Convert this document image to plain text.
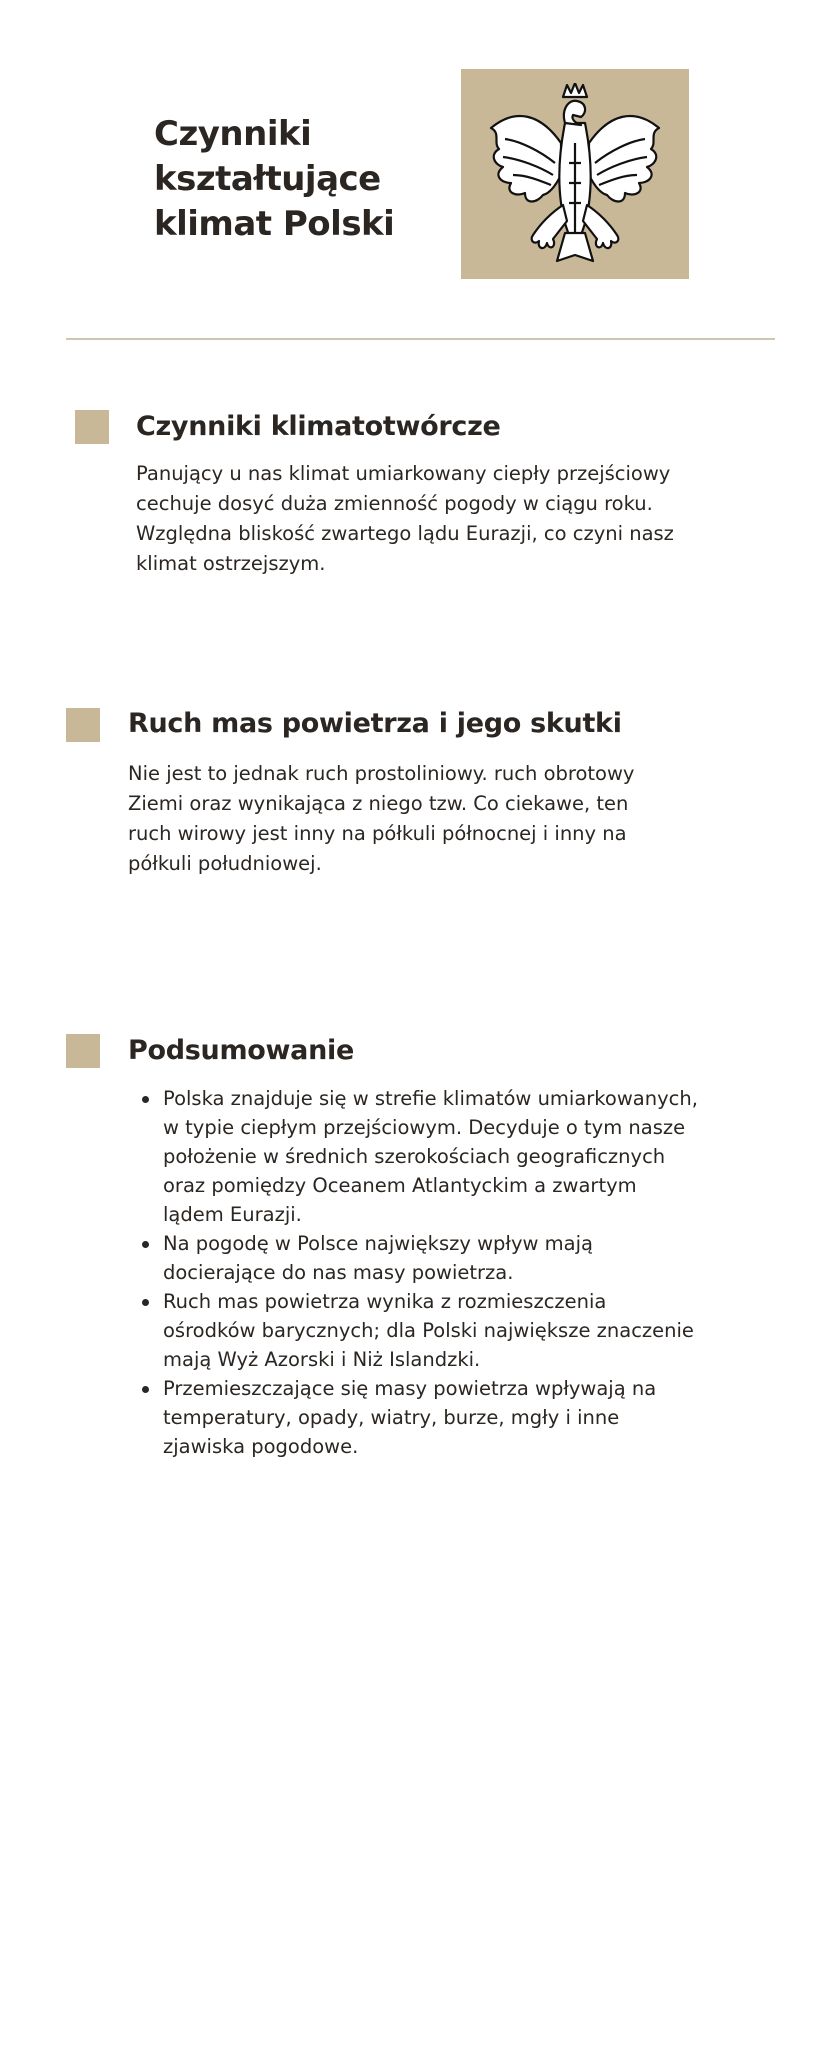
Czynniki
kształtujące
klimat Polski
Czynniki klimatotwórcze
Panujący u nas klimat umiarkowany ciepły przejściowy cechuje dosyć duża zmienność pogody w ciągu roku. Względna bliskość zwartego lądu Eurazji, co czyni nasz klimat ostrzejszym.
Ruch mas powietrza i jego skutki
Nie jest to jednak ruch prostoliniowy. ruch obrotowy Ziemi oraz wynikająca z niego tzw. Co ciekawe, ten ruch wirowy jest inny na półkuli północnej i inny na półkuli południowej.
Podsumowanie
Polska znajduje się w strefie klimatów umiarkowanych, w typie ciepłym przejściowym. Decyduje o tym nasze położenie w średnich szerokościach geograficznych oraz pomiędzy Oceanem Atlantyckim a zwartym lądem Eurazji.
Na pogodę w Polsce największy wpływ mają docierające do nas masy powietrza.
Ruch mas powietrza wynika z rozmieszczenia ośrodków barycznych; dla Polski największe znaczenie mają Wyż Azorski i Niż Islandzki.
Przemieszczające się masy powietrza wpływają na temperatury, opady, wiatry, burze, mgły i inne zjawiska pogodowe.
